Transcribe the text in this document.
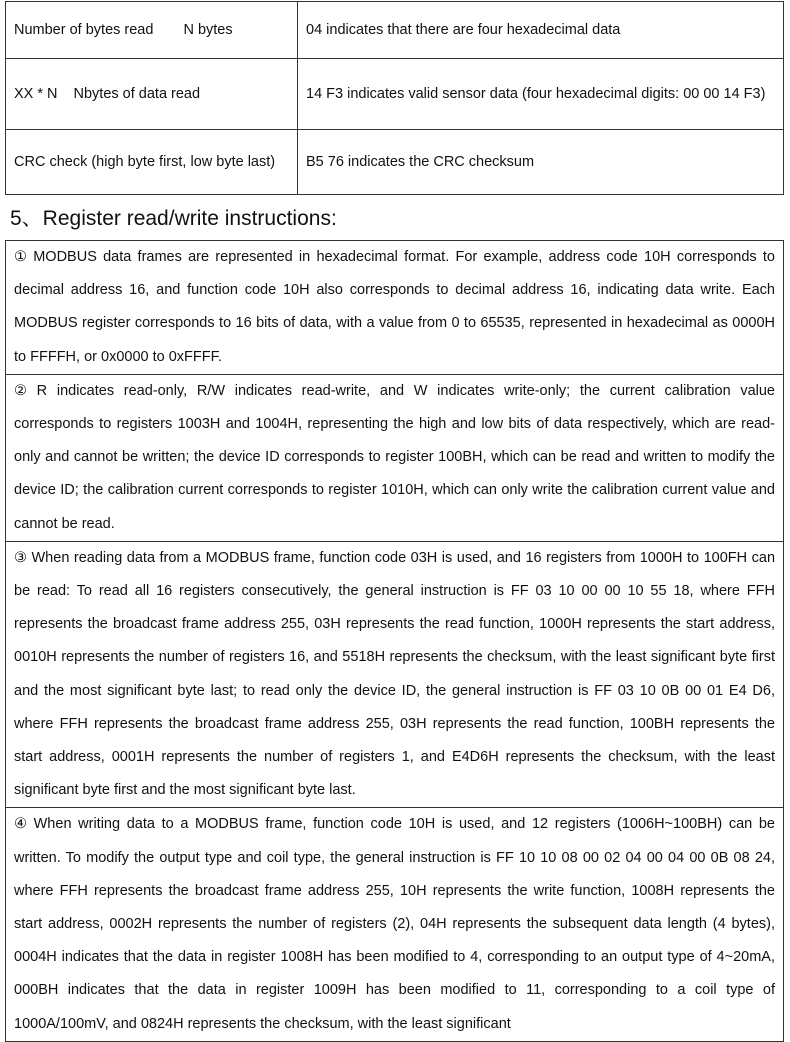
Number of bytes read N bytes	04 indicates that there are four hexadecimal data
XX * N Nbytes of data read	14 F3 indicates valid sensor data (four hexadecimal digits: 00 00 14 F3)
CRC check (high byte first, low byte last)	B5 76 indicates the CRC checksum
5、Register read/write instructions:
① MODBUS data frames are represented in hexadecimal format. For example, address code 10H corresponds to decimal address 16, and function code 10H also corresponds to decimal address 16, indicating data write. Each MODBUS register corresponds to 16 bits of data, with a value from 0 to 65535, represented in hexadecimal as 0000H to FFFFH, or 0x0000 to 0xFFFF.
② R indicates read-only, R/W indicates read-write, and W indicates write-only; the current calibration value corresponds to registers 1003H and 1004H, representing the high and low bits of data respectively, which are read-only and cannot be written; the device ID corresponds to register 100BH, which can be read and written to modify the device ID; the calibration current corresponds to register 1010H, which can only write the calibration current value and cannot be read.
③ When reading data from a MODBUS frame, function code 03H is used, and 16 registers from 1000H to 100FH can be read: To read all 16 registers consecutively, the general instruction is FF 03 10 00 00 10 55 18, where FFH represents the broadcast frame address 255, 03H represents the read function, 1000H represents the start address, 0010H represents the number of registers 16, and 5518H represents the checksum, with the least significant byte first and the most significant byte last; to read only the device ID, the general instruction is FF 03 10 0B 00 01 E4 D6, where FFH represents the broadcast frame address 255, 03H represents the read function, 100BH represents the start address, 0001H represents the number of registers 1, and E4D6H represents the checksum, with the least significant byte first and the most significant byte last.
④ When writing data to a MODBUS frame, function code 10H is used, and 12 registers (1006H~100BH) can be written. To modify the output type and coil type, the general instruction is FF 10 10 08 00 02 04 00 04 00 0B 08 24, where FFH represents the broadcast frame address 255, 10H represents the write function, 1008H represents the start address, 0002H represents the number of registers (2), 04H represents the subsequent data length (4 bytes), 0004H indicates that the data in register 1008H has been modified to 4, corresponding to an output type of 4~20mA, 000BH indicates that the data in register 1009H has been modified to 11, corresponding to a coil type of 1000A/100mV, and 0824H represents the checksum, with the least significant
